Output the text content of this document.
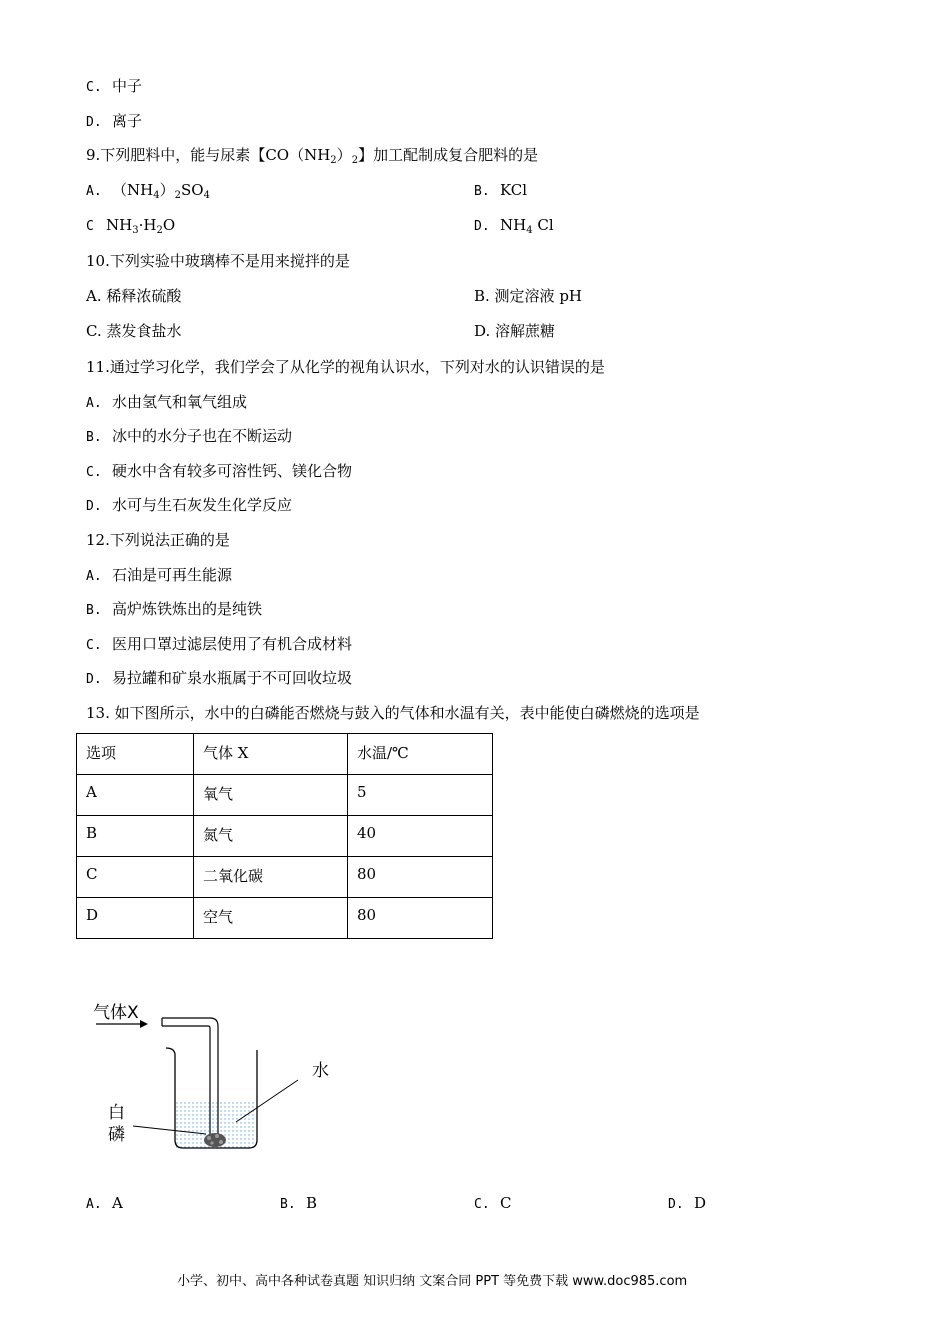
C. 中子
D. 离子
9.下列肥料中，能与尿素【$CO(NH_2)_2$】加工配制成复合肥料的是
A. $(NH_4)_2SO_4$	B. KCl
C $NH_3\cdot H_2O$	D. $NH_4$ Cl
10.下列实验中玻璃棒不是用来搅拌的是
A. 稀释浓硫酸	B. 测定溶液 pH
C. 蒸发食盐水	D. 溶解蔗糖
11.通过学习化学，我们学会了从化学的视角认识水，下列对水的认识错误的是
A. 水由氢气和氧气组成
B. 冰中的水分子也在不断运动
C. 硬水中含有较多可溶性钙、镁化合物
D. 水可与生石灰发生化学反应
12.下列说法正确的是
A. 石油是可再生能源
B. 高炉炼铁炼出的是纯铁
C. 医用口罩过滤层使用了有机合成材料
D. 易拉罐和矿泉水瓶属于不可回收垃圾
13. 如下图所示，水中的白磷能否燃烧与鼓入的气体和水温有关，表中能使白磷燃烧的选项是
选项	气体 X	水温/℃
A	氧气	5
B	氮气	40
C	二氧化碳	80
D	空气	80
气体X
水
白
磷
A. A	B. B	C. C	D. D
小学、初中、高中各种试卷真题 知识归纳 文案合同 PPT 等免费下载 www.doc985.com
